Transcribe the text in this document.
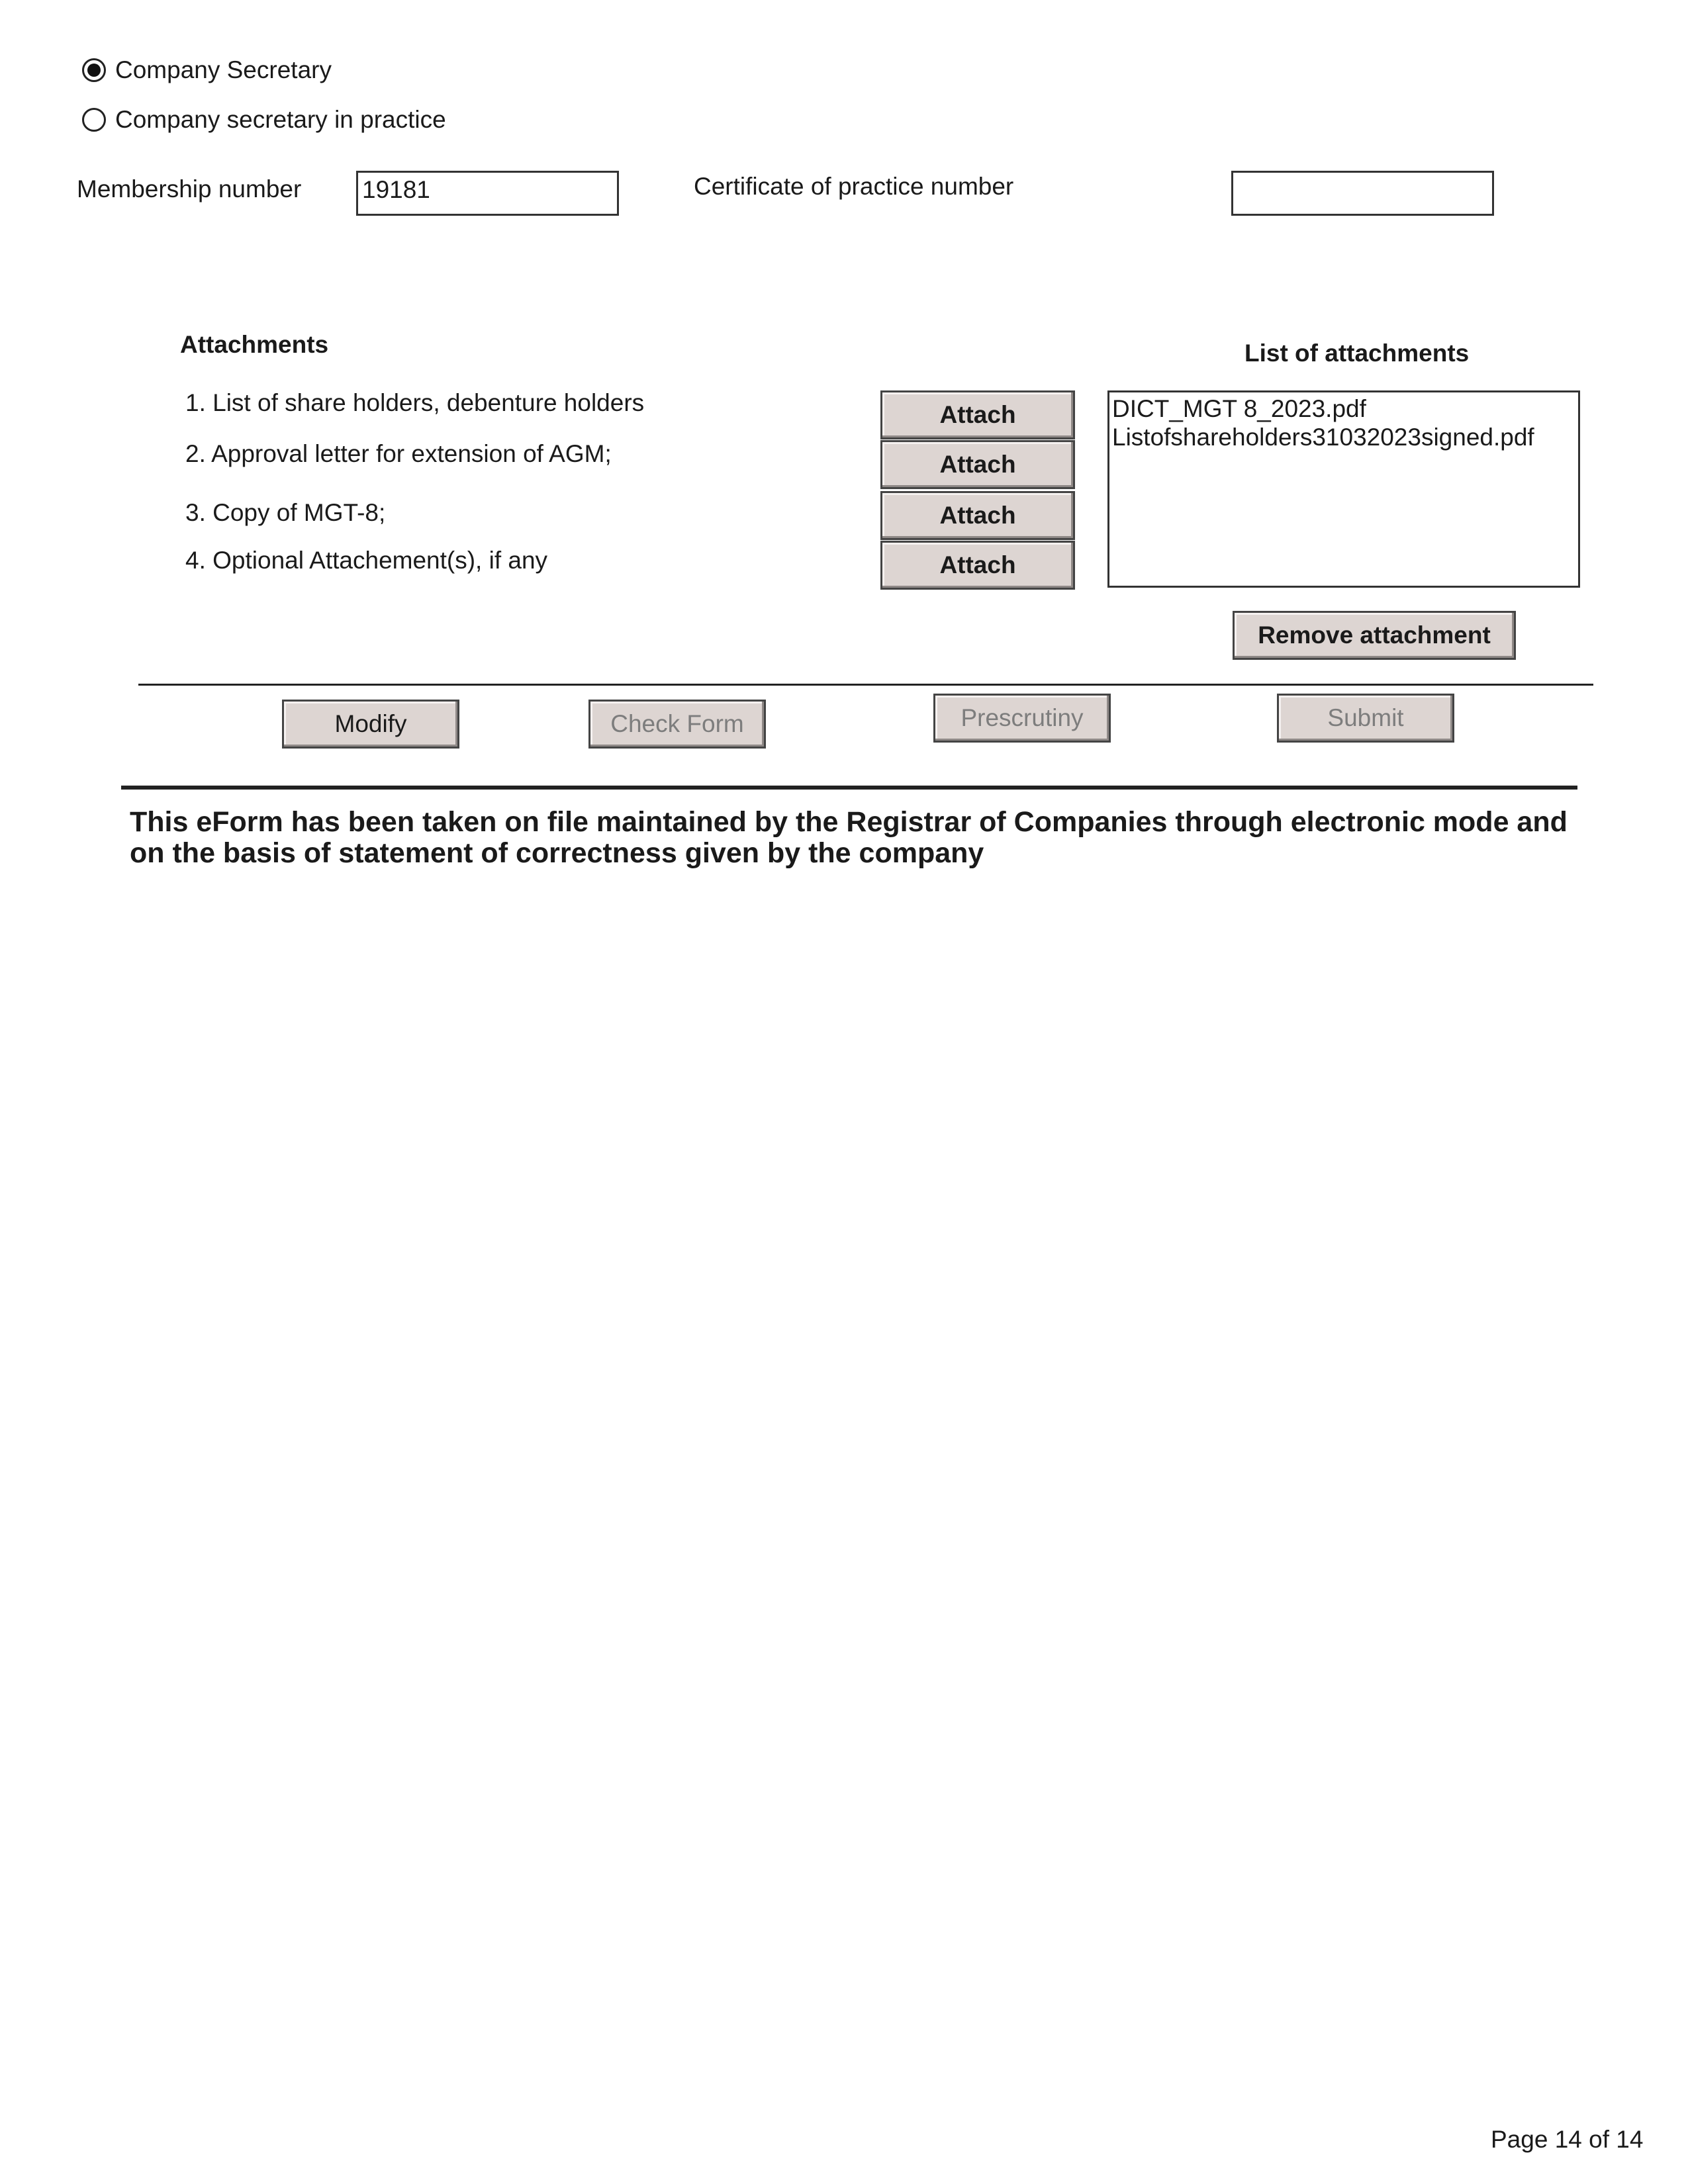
Company Secretary
Company secretary in practice
Membership number 19181	Certificate of practice number
Attachments	List of attachments
1. List of share holders, debenture holders
2. Approval letter for extension of AGM;
3. Copy of MGT-8;
4. Optional Attachement(s), if any
Attach
Attach
Attach
Attach
DICT_MGT 8_2023.pdf
Listofshareholders31032023signed.pdf
Remove attachment
Modify	Check Form	Prescrutiny	Submit
This eForm has been taken on file maintained by the Registrar of Companies through electronic mode and on the basis of statement of correctness given by the company
Page 14 of 14
